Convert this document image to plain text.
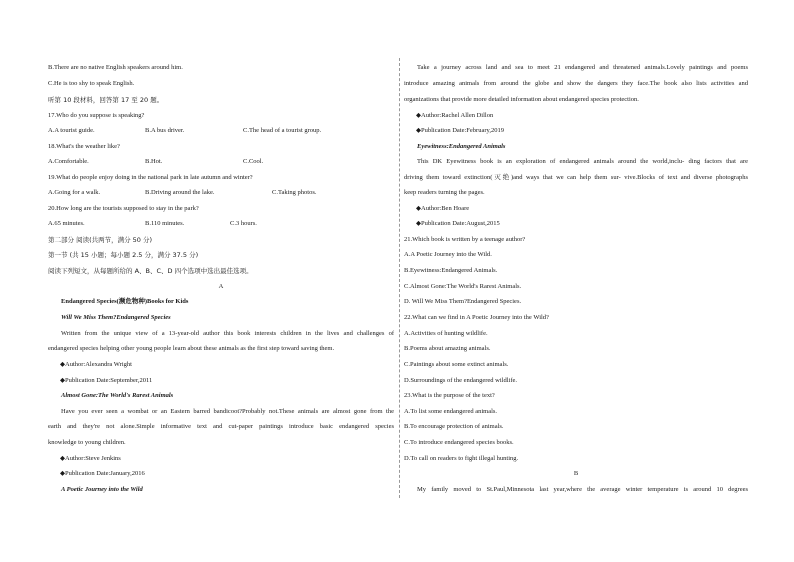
B.There are no native English speakers around him.
C.He is too shy to speak English.
听第 10 段材料，回答第 17 至 20 题。
17.Who do you suppose is speaking?
A.A tourist guide.	B.A bus driver.	C.The head of a tourist group.
18.What's the weather like?
A.Comfortable.	B.Hot.	C.Cool.
19.What do people enjoy doing in the national park in late autumn and winter?
A.Going for a walk.	B.Driving around the lake.	C.Taking photos.
20.How long are the tourists supposed to stay in the park?
A.65 minutes.	B.110 minutes.	C.3 hours.
第二部分 阅读(共两节，满分 50 分)
第一节 (共 15 小题；每小题 2.5 分，满分 37.5 分)
阅读下列短文，从每题所给的 A、B、C、D 四个选项中选出最佳选项。
A
Endangered Species(濒危物种)Books for Kids
Will We Miss Them?Endangered Species
Written from the unique view of a 13-year-old author this book interests children in the lives and challenges of
endangered species helping other young people learn about these animals as the first step toward saving them.
◆Author:Alexandra Wright
◆Publication Date:September,2011
Almost Gone:The World's Rarest Animals
Have you ever seen a wombat or an Eastern barred bandicoot?Probably not.These animals are almost gone from the
earth and they're not alone.Simple informative text and cut-paper paintings introduce basic endangered species
knowledge to young children.
◆Author:Steve Jenkins
◆Publication Date:January,2016
A Poetic Journey into the Wild
Take a journey across land and sea to meet 21 endangered and threatened animals.Lovely paintings and poems
introduce amazing animals from around the globe and show the dangers they face.The book also lists activities and
organizations that provide more detailed information about endangered species protection.
◆Author:Rachel Allen Dillon
◆Publication Date:February,2019
Eyewitness:Endangered Animals
This DK Eyewitness book is an exploration of endangered animals around the world,inclu- ding factors that are
driving them toward extinction(灭绝)and ways that we can help them sur- vive.Blocks of text and diverse photographs
keep readers turning the pages.
◆Author:Ben Hoare
◆Publication Date:August,2015
21.Which book is written by a teenage author?
A.A Poetic Journey into the Wild.
B.Eyewitness:Endangered Animals.
C.Almost Gone:The World's Rarest Animals.
D. Will We Miss Them?Endangered Species.
22.What can we find in A Poetic Journey into the Wild?
A.Activities of hunting wildlife.
B.Poems about amazing animals.
C.Paintings about some extinct animals.
D.Surroundings of the endangered wildlife.
23.What is the purpose of the text?
A.To list some endangered animals.
B.To encourage protection of animals.
C.To introduce endangered species books.
D.To call on readers to fight illegal hunting.
B
My family moved to St.Paul,Minnesota last year,where the average winter temperature is around 10 degrees
